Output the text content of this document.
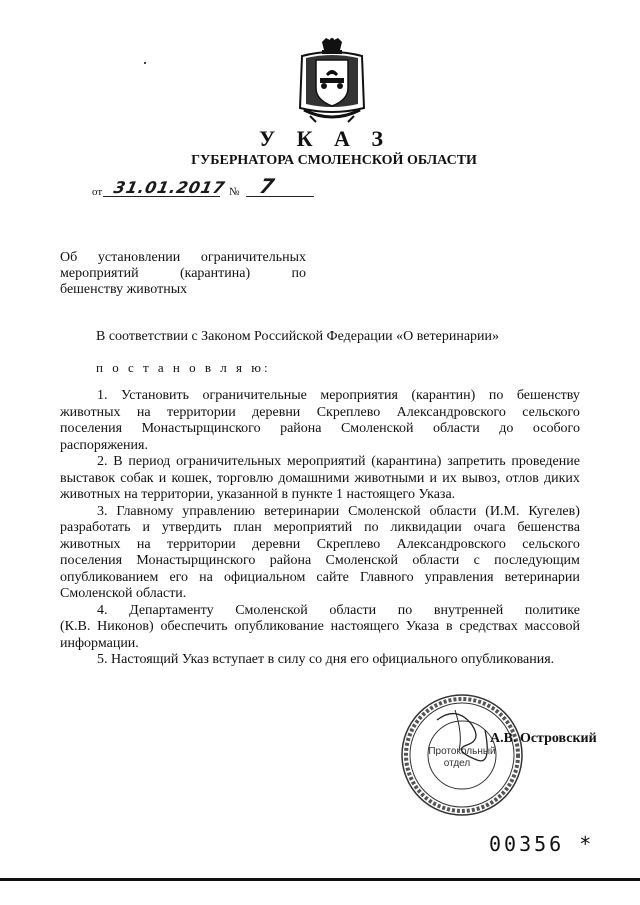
У К А З
ГУБЕРНАТОРА СМОЛЕНСКОЙ ОБЛАСТИ
от 31.01.2017 № 7
Об установлении ограничительных
мероприятий	(карантина)	по
бешенству животных
В соответствии с Законом Российской Федерации «О ветеринарии»
п о с т а н о в л я ю:
1. Установить ограничительные мероприятия (карантин) по бешенству
животных на территории деревни Скреплево Александровского сельского
поселения Монастырщинского района Смоленской области до особого
распоряжения.
2. В период ограничительных мероприятий (карантина) запретить проведение
выставок собак и кошек, торговлю домашними животными и их вывоз, отлов диких
животных на территории, указанной в пункте 1 настоящего Указа.
3. Главному управлению ветеринарии Смоленской области (И.М. Кугелев)
разработать и утвердить план мероприятий по ликвидации очага бешенства
животных на территории деревни Скреплево Александровского сельского
поселения Монастырщинского района Смоленской области с последующим
опубликованием его на официальном сайте Главного управления ветеринарии
Смоленской области.
4. Департаменту Смоленской области по внутренней политике
(К.В. Никонов) обеспечить опубликование настоящего Указа в средствах массовой
информации.
5. Настоящий Указ вступает в силу со дня его официального опубликования.
Протокольный
отдел
А.В. Островский
00356 *
